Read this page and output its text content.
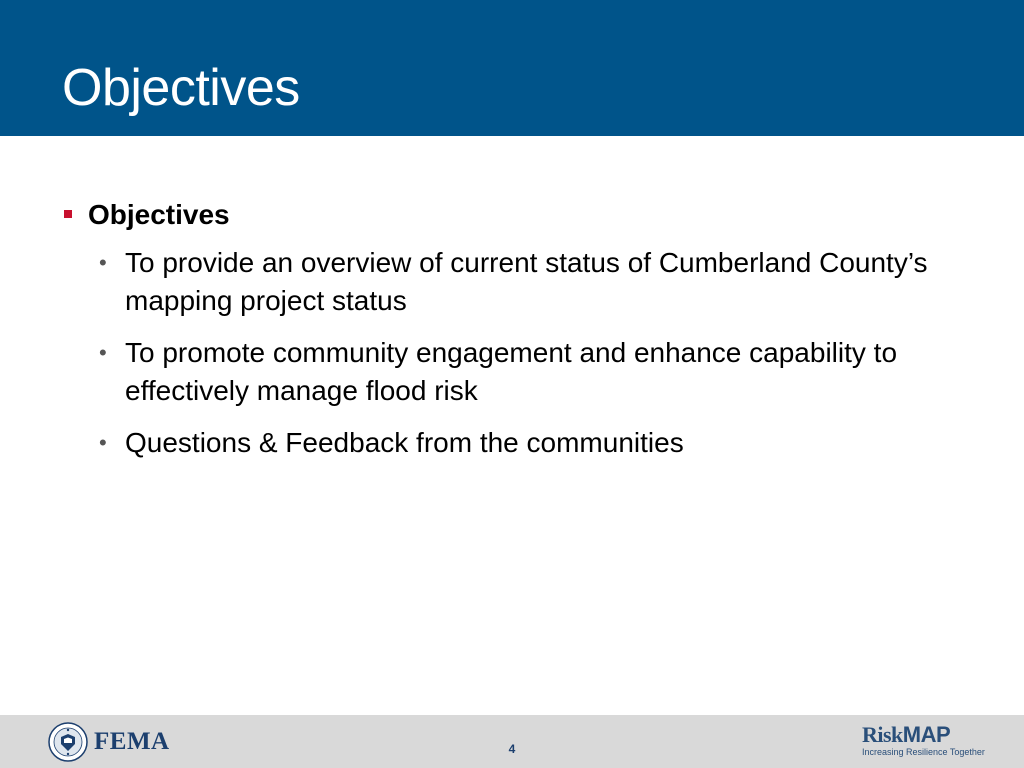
Objectives
Objectives
• To provide an overview of current status of Cumberland County’s mapping project status
• To promote community engagement and enhance capability to effectively manage flood risk
• Questions & Feedback from the communities
FEMA	4
RiskMAP
Increasing Resilience Together
